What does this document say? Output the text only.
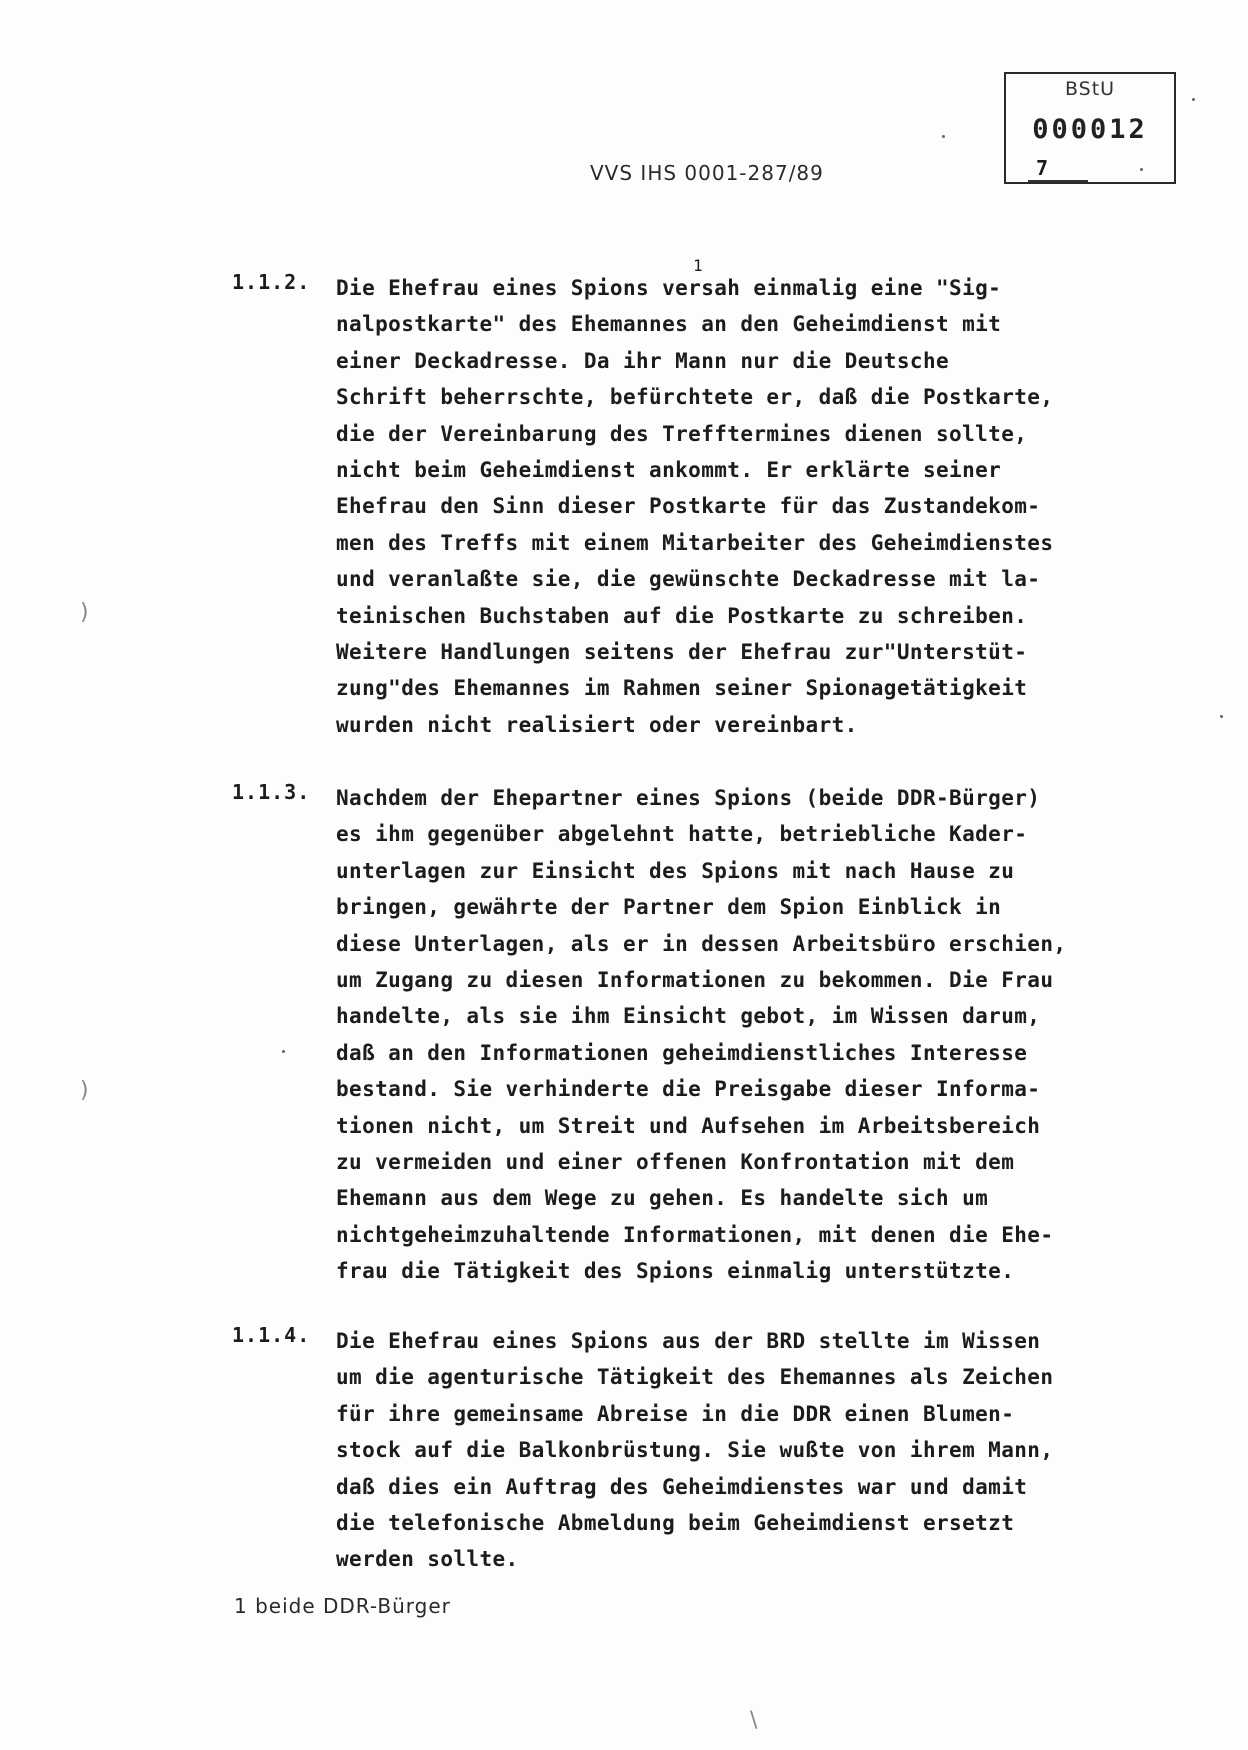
BStU
000012
7
VVS IHS 0001-287/89
1.1.2. Die Ehefrau eines Spions versah einmalig eine "Sig-
nalpostkarte" des Ehemannes an den Geheimdienst mit
einer Deckadresse. Da ihr Mann nur die Deutsche
Schrift beherrschte, befürchtete er, daß die Postkarte,
die der Vereinbarung des Trefftermines dienen sollte,
nicht beim Geheimdienst ankommt. Er erklärte seiner
Ehefrau den Sinn dieser Postkarte für das Zustandekom-
men des Treffs mit einem Mitarbeiter des Geheimdienstes
und veranlaßte sie, die gewünschte Deckadresse mit la-
teinischen Buchstaben auf die Postkarte zu schreiben.
Weitere Handlungen seitens der Ehefrau zur"Unterstüt-
zung"des Ehemannes im Rahmen seiner Spionagetätigkeit
wurden nicht realisiert oder vereinbart.
1
1.1.3. Nachdem der Ehepartner eines Spions (beide DDR-Bürger)
es ihm gegenüber abgelehnt hatte, betriebliche Kader-
unterlagen zur Einsicht des Spions mit nach Hause zu
bringen, gewährte der Partner dem Spion Einblick in
diese Unterlagen, als er in dessen Arbeitsbüro erschien,
um Zugang zu diesen Informationen zu bekommen. Die Frau
handelte, als sie ihm Einsicht gebot, im Wissen darum,
daß an den Informationen geheimdienstliches Interesse
bestand. Sie verhinderte die Preisgabe dieser Informa-
tionen nicht, um Streit und Aufsehen im Arbeitsbereich
zu vermeiden und einer offenen Konfrontation mit dem
Ehemann aus dem Wege zu gehen. Es handelte sich um
nichtgeheimzuhaltende Informationen, mit denen die Ehe-
frau die Tätigkeit des Spions einmalig unterstützte.
1.1.4. Die Ehefrau eines Spions aus der BRD stellte im Wissen
um die agenturische Tätigkeit des Ehemannes als Zeichen
für ihre gemeinsame Abreise in die DDR einen Blumen-
stock auf die Balkonbrüstung. Sie wußte von ihrem Mann,
daß dies ein Auftrag des Geheimdienstes war und damit
die telefonische Abmeldung beim Geheimdienst ersetzt
werden sollte.
1 beide DDR-Bürger
)
)
\
